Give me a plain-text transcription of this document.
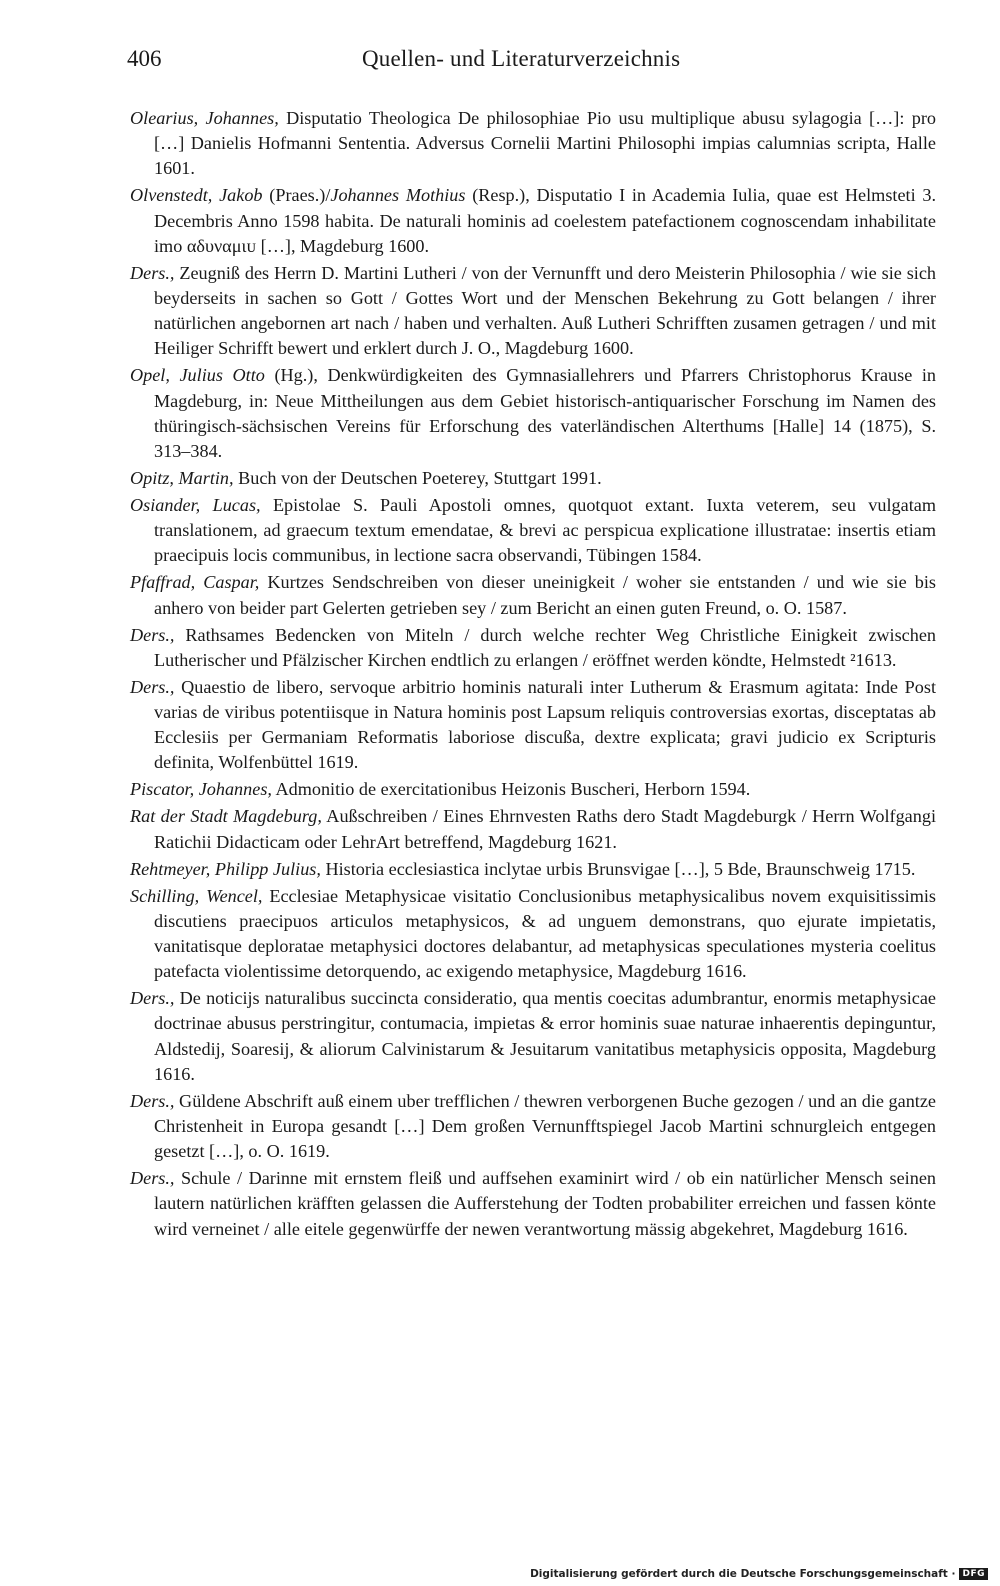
406	Quellen- und Literaturverzeichnis

Olearius, Johannes, Disputatio Theologica De philosophiae Pio usu multiplique abusu sylagogia […]: pro […] Danielis Hofmanni Sententia. Adversus Cornelii Martini Philosophi impias calumnias scripta, Halle 1601.

Olvenstedt, Jakob (Praes.)/Johannes Mothius (Resp.), Disputatio I in Academia Iulia, quae est Helmsteti 3. Decembris Anno 1598 habita. De naturali hominis ad coelestem patefactionem cognoscendam inhabilitate imo αδυναμιᴜ […], Magdeburg 1600.

Ders., Zeugniß des Herrn D. Martini Lutheri / von der Vernunfft und dero Meisterin Philosophia / wie sie sich beyderseits in sachen so Gott / Gottes Wort und der Menschen Bekehrung zu Gott belangen / ihrer natürlichen angebornen art nach / haben und verhalten. Auß Lutheri Schrifften zusamen getragen / und mit Heiliger Schrifft bewert und erklert durch J. O., Magdeburg 1600.

Opel, Julius Otto (Hg.), Denkwürdigkeiten des Gymnasiallehrers und Pfarrers Christophorus Krause in Magdeburg, in: Neue Mittheilungen aus dem Gebiet historisch-antiquarischer Forschung im Namen des thüringisch-sächsischen Vereins für Erforschung des vaterländischen Alterthums [Halle] 14 (1875), S. 313–384.

Opitz, Martin, Buch von der Deutschen Poeterey, Stuttgart 1991.

Osiander, Lucas, Epistolae S. Pauli Apostoli omnes, quotquot extant. Iuxta veterem, seu vulgatam translationem, ad graecum textum emendatae, & brevi ac perspicua explicatione illustratae: insertis etiam praecipuis locis communibus, in lectione sacra observandi, Tübingen 1584.

Pfaffrad, Caspar, Kurtzes Sendschreiben von dieser uneinigkeit / woher sie entstanden / und wie sie bis anhero von beider part Gelerten getrieben sey / zum Bericht an einen guten Freund, o. O. 1587.

Ders., Rathsames Bedencken von Miteln / durch welche rechter Weg Christliche Einigkeit zwischen Lutherischer und Pfälzischer Kirchen endtlich zu erlangen / eröffnet werden köndte, Helmstedt ²1613.

Ders., Quaestio de libero, servoque arbitrio hominis naturali inter Lutherum & Erasmum agitata: Inde Post varias de viribus potentiisque in Natura hominis post Lapsum reliquis controversias exortas, disceptatas ab Ecclesiis per Germaniam Reformatis laboriose discußa, dextre explicata; gravi judicio ex Scripturis definita, Wolfenbüttel 1619.

Piscator, Johannes, Admonitio de exercitationibus Heizonis Buscheri, Herborn 1594.

Rat der Stadt Magdeburg, Außschreiben / Eines Ehrnvesten Raths dero Stadt Magdeburgk / Herrn Wolfgangi Ratichii Didacticam oder LehrArt betreffend, Magdeburg 1621.

Rehtmeyer, Philipp Julius, Historia ecclesiastica inclytae urbis Brunsvigae […], 5 Bde, Braunschweig 1715.

Schilling, Wencel, Ecclesiae Metaphysicae visitatio Conclusionibus metaphysicalibus novem exquisitissimis discutiens praecipuos articulos metaphysicos, & ad unguem demonstrans, quo ejurate impietatis, vanitatisque deploratae metaphysici doctores delabantur, ad metaphysicas speculationes mysteria coelitus patefacta violentissime detorquendo, ac exigendo metaphysice, Magdeburg 1616.

Ders., De noticijs naturalibus succincta consideratio, qua mentis coecitas adumbrantur, enormis metaphysicae doctrinae abusus perstringitur, contumacia, impietas & error hominis suae naturae inhaerentis depinguntur, Aldstedij, Soaresij, & aliorum Calvinistarum & Jesuitarum vanitatibus metaphysicis opposita, Magdeburg 1616.

Ders., Güldene Abschrift auß einem uber trefflichen / thewren verborgenen Buche gezogen / und an die gantze Christenheit in Europa gesandt […] Dem großen Vernunfftspiegel Jacob Martini schnurgleich entgegen gesetzt […], o. O. 1619.

Ders., Schule / Darinne mit ernstem fleiß und auffsehen examinirt wird / ob ein natürlicher Mensch seinen lautern natürlichen kräfften gelassen die Aufferstehung der Todten probabiliter erreichen und fassen könte wird verneinet / alle eitele gegenwürffe der newen verantwortung mässig abgekehret, Magdeburg 1616.

Digitalisierung gefördert durch die Deutsche Forschungsgemeinschaft · DFG
